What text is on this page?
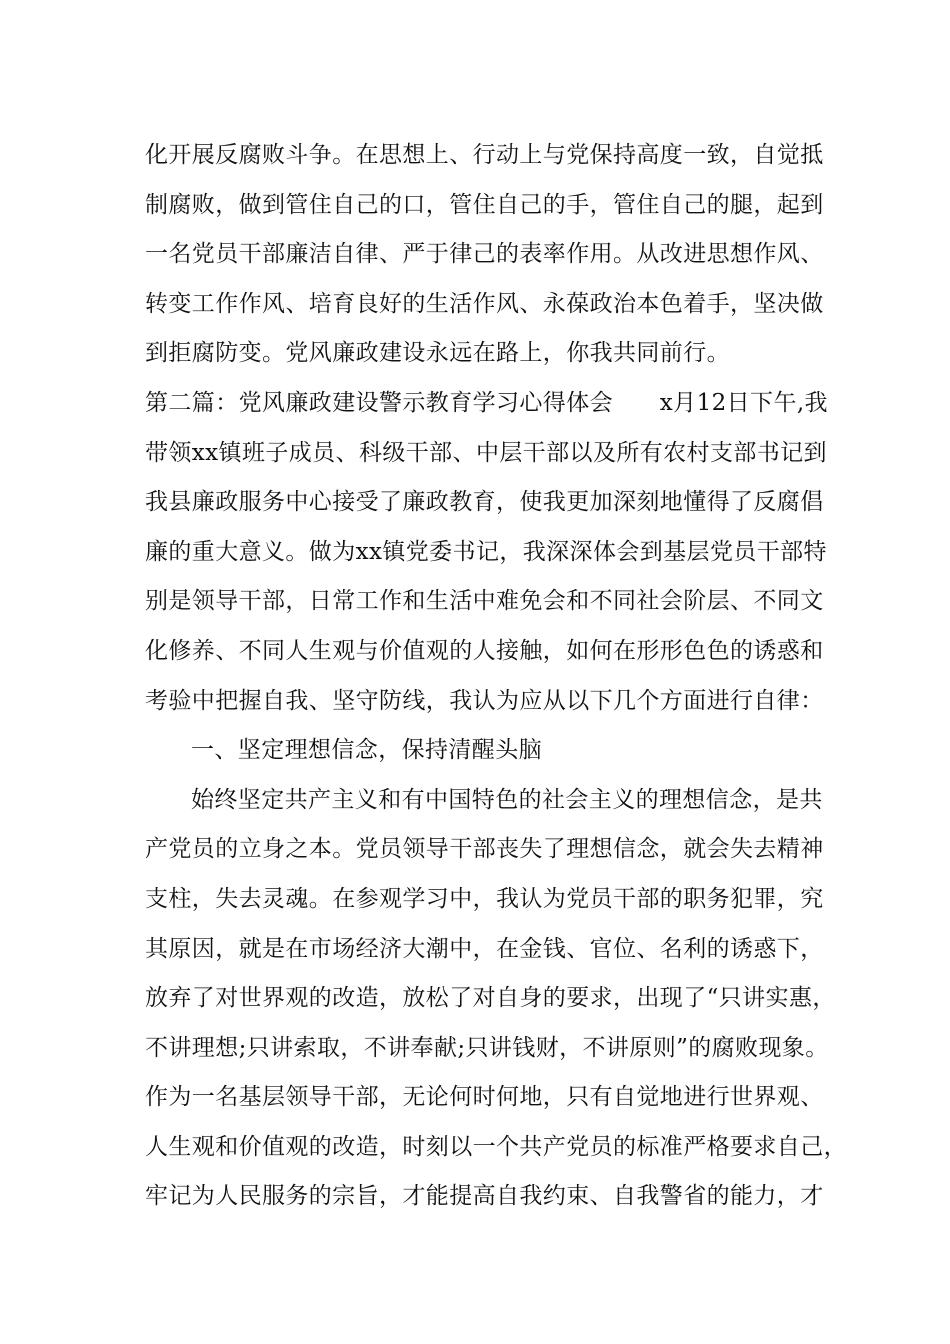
化开展反腐败斗争。在思想上、行动上与党保持高度一致，自觉抵
制腐败，做到管住自己的口，管住自己的手，管住自己的腿，起到
一名党员干部廉洁自律、严于律己的表率作用。从改进思想作风、
转变工作作风、培育良好的生活作风、永葆政治本色着手，坚决做
到拒腐防变。党风廉政建设永远在路上，你我共同前行。
第二篇：党风廉政建设警示教育学习心得体会　　x月12日下午,我
带领xx镇班子成员、科级干部、中层干部以及所有农村支部书记到
我县廉政服务中心接受了廉政教育，使我更加深刻地懂得了反腐倡
廉的重大意义。做为xx镇党委书记，我深深体会到基层党员干部特
别是领导干部，日常工作和生活中难免会和不同社会阶层、不同文
化修养、不同人生观与价值观的人接触，如何在形形色色的诱惑和
考验中把握自我、坚守防线，我认为应从以下几个方面进行自律：
一、坚定理想信念，保持清醒头脑
始终坚定共产主义和有中国特色的社会主义的理想信念，是共
产党员的立身之本。党员领导干部丧失了理想信念，就会失去精神
支柱，失去灵魂。在参观学习中，我认为党员干部的职务犯罪，究
其原因，就是在市场经济大潮中，在金钱、官位、名利的诱惑下，
放弃了对世界观的改造，放松了对自身的要求，出现了“只讲实惠，
不讲理想;只讲索取，不讲奉献;只讲钱财，不讲原则”的腐败现象。
作为一名基层领导干部，无论何时何地，只有自觉地进行世界观、
人生观和价值观的改造，时刻以一个共产党员的标准严格要求自己，
牢记为人民服务的宗旨，才能提高自我约束、自我警省的能力，才
